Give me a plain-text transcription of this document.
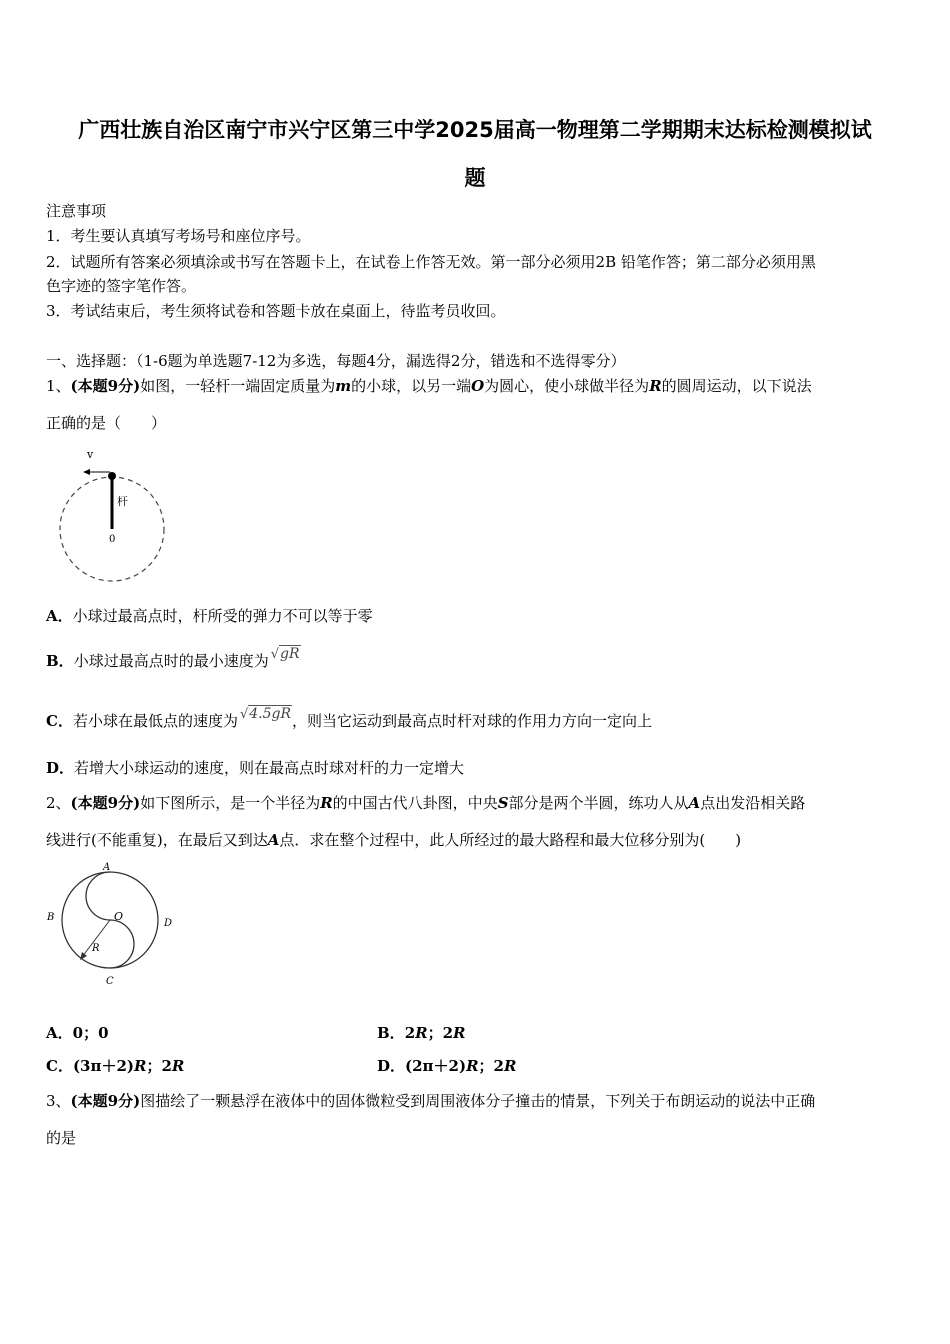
广西壮族自治区南宁市兴宁区第三中学2025届高一物理第二学期期末达标检测模拟试
题
注意事项
1．考生要认真填写考场号和座位序号。
2．试题所有答案必须填涂或书写在答题卡上，在试卷上作答无效。第一部分必须用2B 铅笔作答；第二部分必须用黑
色字迹的签字笔作答。
3．考试结束后，考生须将试卷和答题卡放在桌面上，待监考员收回。
一、选择题：（1-6题为单选题7-12为多选，每题4分，漏选得2分，错选和不选得零分）
1、(本题9分)如图，一轻杆一端固定质量为m的小球，以另一端O为圆心，使小球做半径为R的圆周运动，以下说法
正确的是（　　）
v
杆
0
A．小球过最高点时，杆所受的弹力不可以等于零
B．小球过最高点时的最小速度为 √gR
C．若小球在最低点的速度为 √4.5gR，则当它运动到最高点时杆对球的作用力方向一定向上
D．若增大小球运动的速度，则在最高点时球对杆的力一定增大
2、(本题9分)如下图所示，是一个半径为R的中国古代八卦图，中央S部分是两个半圆，练功人从A点出发沿相关路
线进行(不能重复)，在最后又到达A点．求在整个过程中，此人所经过的最大路程和最大位移分别为(　　)
A
B
C
D
O
R
A．0；0	B．2R；2R
C．(3π＋2)R；2R	D．(2π＋2)R；2R
3、(本题9分)图描绘了一颗悬浮在液体中的固体微粒受到周围液体分子撞击的情景，下列关于布朗运动的说法中正确
的是
